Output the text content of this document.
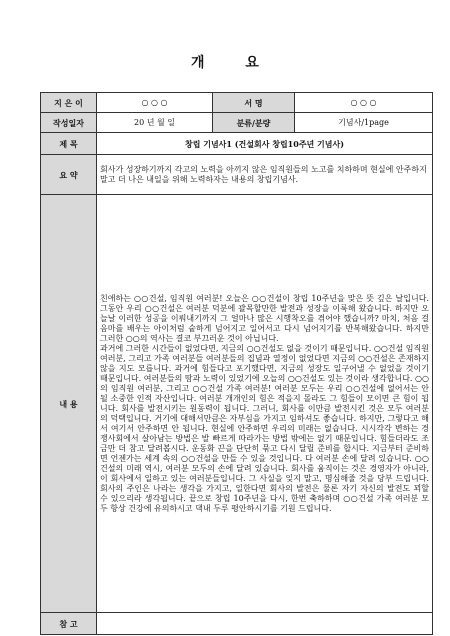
개 요
지 은 이	○ ○ ○	서 명	○ ○ ○
작성일자	20 년 월 일	분류/분량	기념사/1page
제 목	창립 기념사1 (건설회사 창립10주년 기념사)		
요 약	회사가 성장하기까지 각고의 노력을 아끼지 않은 임직원들의 노고를 치하하며 현실에 안주하지 말고 더 나은 내일을 위해 노력하자는 내용의 창립기념사.		
내 용	친애하는 ○○건설, 임직원 여러분! 오늘은 ○○건설이 창립 10주년을 맞은 뜻 깊은 날입니다. 그동안 우리 ○○건설은 여러분 덕분에 괄목할만한 발전과 성장을 이룩해 왔습니다. 하지만 오늘날 이러한 성공을 이뤄내기까지 그 얼마나 많은 시행착오를 겪어야 했습니까? 마치, 처음 걸음마를 배우는 아이처럼 숱하게 넘어지고 일어서고 다시 넘어지기를 반복해왔습니다. 하지만 그러한 ○○의 역사는 결코 부끄러운 것이 아닙니다.

과거에 그러한 시간들이 없었다면, 지금의 ○○건설도 없을 것이기 때문입니다. ○○건설 임직원 여러분, 그리고 가족 여러분들 여러분들의 집념과 열정이 없었다면 지금의 ○○건설은 존재하지 않을 지도 모릅니다. 과거에 힘들다고 포기했다면, 지금의 성장도 일구어낼 수 없었을 것이기 때문입니다. 여러분들의 땀과 노력이 있었기에 오늘의 ○○건설도 있는 것이라 생각합니다. ○○의 임직원 여러분, 그리고 ○○건설 가족 여러분! 여러분 모두는 우리 ○○건설에 없어서는 안 될 소중한 인적 자산입니다. 여러분 개개인의 힘은 적을지 몰라도 그 힘들이 모이면 큰 힘이 됩니다. 회사를 발전시키는 원동력이 됩니다. 그러니, 회사를 이만큼 발전시킨 것은 모두 여러분의 덕택입니다. 거기에 대해서만큼은 자부심을 가지고 임하셔도 좋습니다. 하지만, 그렇다고 해서 여기서 안주하면 안 됩니다. 현실에 안주하면 우리의 미래는 없습니다. 시시각각 변하는 경쟁사회에서 살아남는 방법은 발 빠르게 따라가는 방법 밖에는 없기 때문입니다. 힘들더라도 조금만 더 참고 달려봅시다. 운동화 끈을 단단히 묶고 다시 달릴 준비를 합시다. 지금부터 준비하면 언젠가는 세계 속의 ○○건설을 만들 수 있을 것입니다. 다 여러분 손에 달려 있습니다. ○○건설의 미래 역시, 여러분 모두의 손에 달려 있습니다. 회사를 움직이는 것은 경영자가 아니라, 이 회사에서 일하고 있는 여러분들입니다. 그 사실을 잊지 말고, 명심해줄 것을 당부 드립니다. 회사의 주인은 나라는 생각을 가지고, 일한다면 회사의 발전은 물론 자기 자신의 발전도 꾀할 수 있으리라 생각됩니다. 끝으로 창립 10주년을 다시, 한번 축하하며 ○○건설 가족 여러분 모두 항상 건강에 유의하시고 댁내 두루 평안하시기를 기원 드립니다.		

참 고			
